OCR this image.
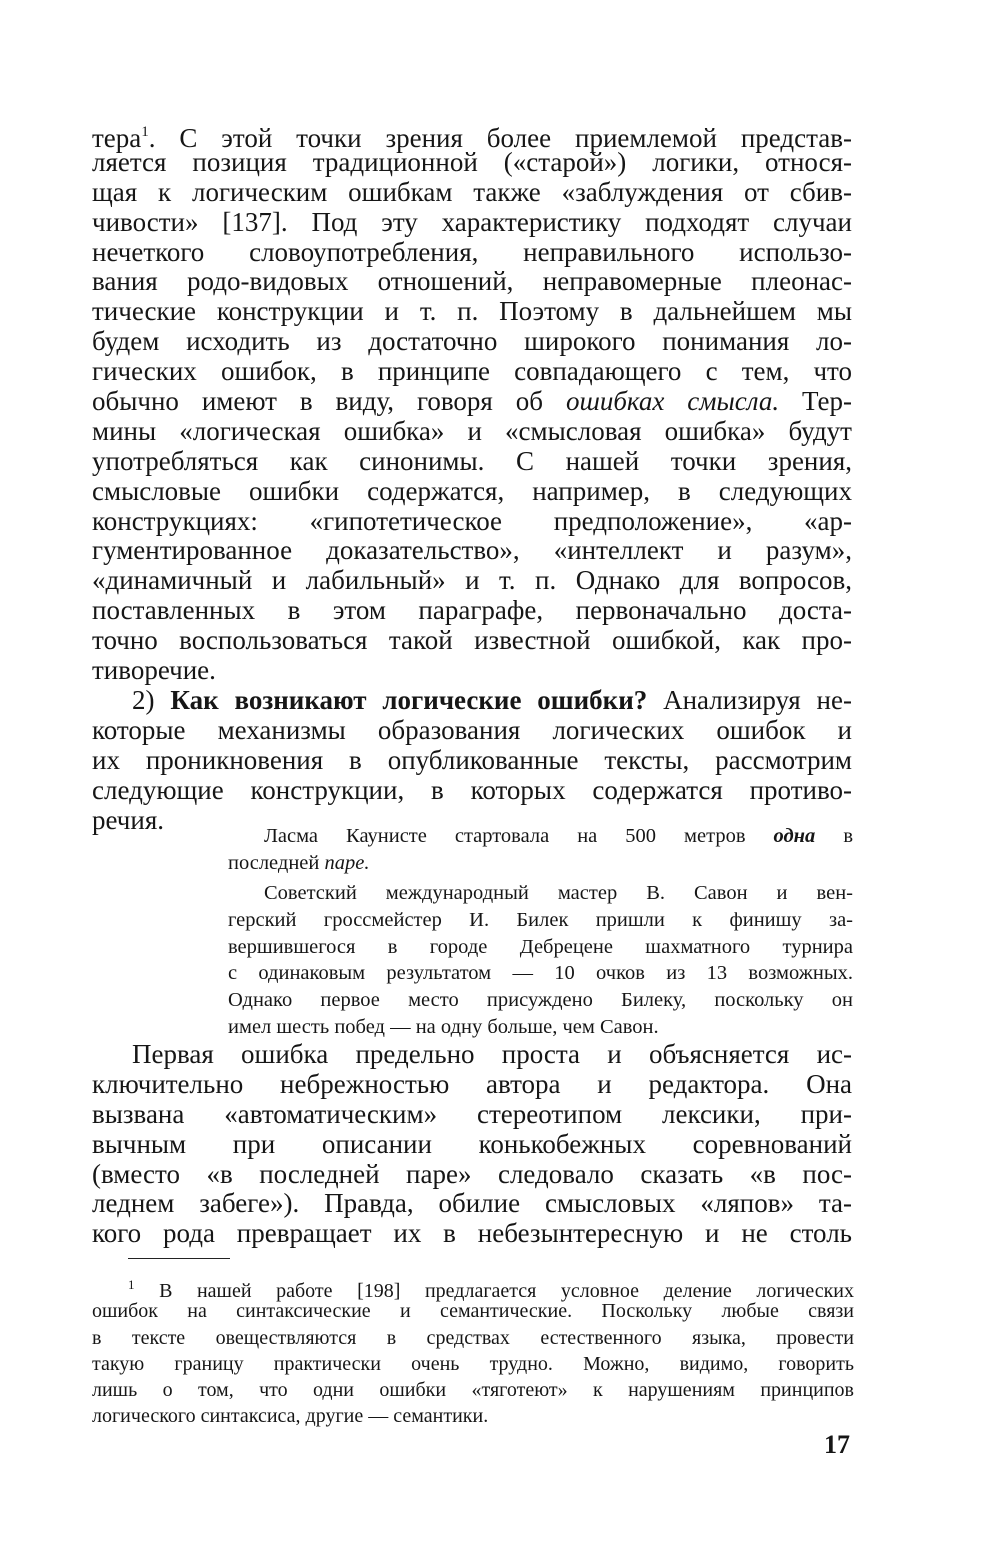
тера$^1$. С этой точки зрения более приемлемой представ-
ляется позиция традиционной («старой») логики, относя-
щая к логическим ошибкам также «заблуждения от сбив-
чивости» [137]. Под эту характеристику подходят случаи
нечеткого словоупотребления, неправильного использо-
вания родо-видовых отношений, неправомерные плеонас-
тические конструкции и т. п. Поэтому в дальнейшем мы
будем исходить из достаточно широкого понимания ло-
гических ошибок, в принципе совпадающего с тем, что
обычно имеют в виду, говоря об ошибках смысла. Тер-
мины «логическая ошибка» и «смысловая ошибка» будут
употребляться как синонимы. С нашей точки зрения,
смысловые ошибки содержатся, например, в следующих
конструкциях: «гипотетическое предположение», «ар-
гументированное доказательство», «интеллект и разум»,
«динамичный и лабильный» и т. п. Однако для вопросов,
поставленных в этом параграфе, первоначально доста-
точно воспользоваться такой известной ошибкой, как про-
тиворечие.
2) Как возникают логические ошибки? Анализируя не-
которые механизмы образования логических ошибок и
их проникновения в опубликованные тексты, рассмотрим
следующие конструкции, в которых содержатся противо-
речия.
Ласма Каунисте стартовала на 500 метров одна в
последней паре.
Советский международный мастер В. Савон и вен-
герский гроссмейстер И. Билек пришли к финишу за-
вершившегося в городе Дебрецене шахматного турнира
с одинаковым результатом — 10 очков из 13 возможных.
Однако первое место присуждено Билеку, поскольку он
имел шесть побед — на одну больше, чем Савон.
Первая ошибка предельно проста и объясняется ис-
ключительно небрежностью автора и редактора. Она
вызвана «автоматическим» стереотипом лексики, при-
вычным при описании конькобежных соревнований
(вместо «в последней паре» следовало сказать «в пос-
леднем забеге»). Правда, обилие смысловых «ляпов» та-
кого рода превращает их в небезынтересную и не столь
$^1$ В нашей работе [198] предлагается условное деление логических
ошибок на синтаксические и семантические. Поскольку любые связи
в тексте овеществляются в средствах естественного языка, провести
такую границу практически очень трудно. Можно, видимо, говорить
лишь о том, что одни ошибки «тяготеют» к нарушениям принципов
логического синтаксиса, другие — семантики.
17
